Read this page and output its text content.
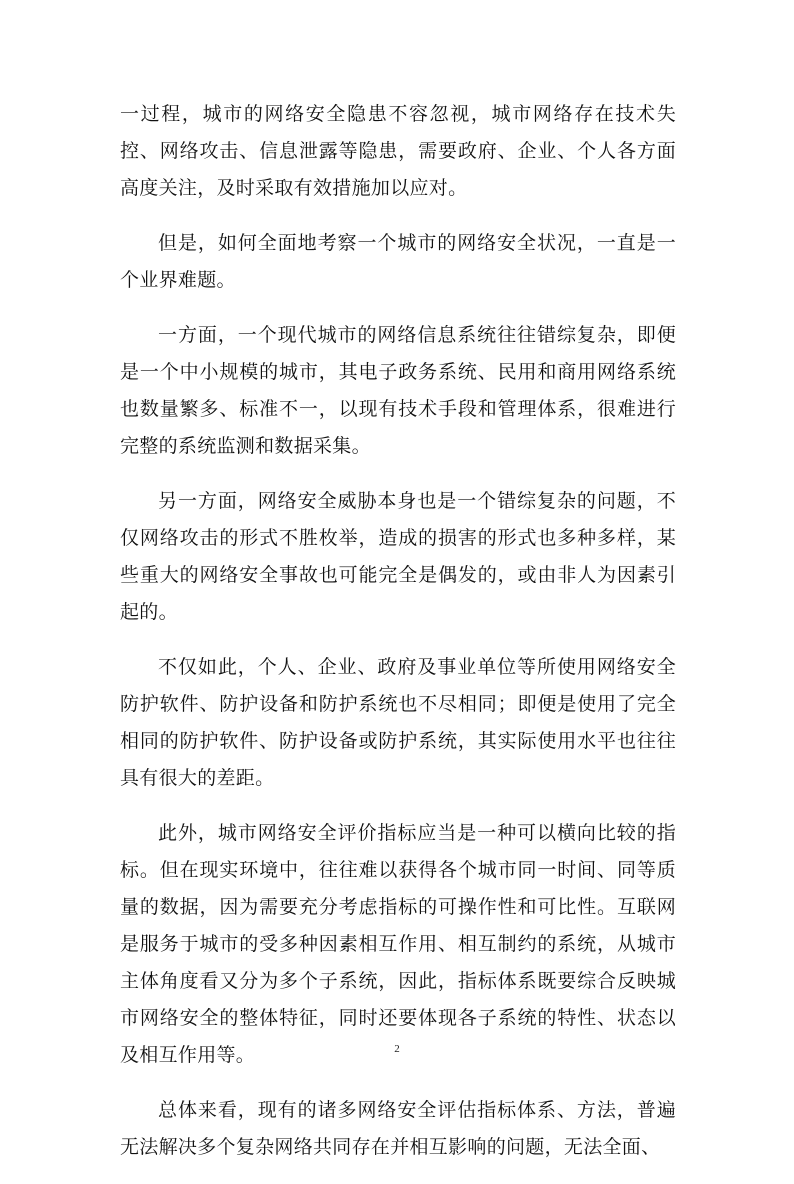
一过程，城市的网络安全隐患不容忽视，城市网络存在技术失控、网络攻击、信息泄露等隐患，需要政府、企业、个人各方面高度关注，及时采取有效措施加以应对。

但是，如何全面地考察一个城市的网络安全状况，一直是一个业界难题。

一方面，一个现代城市的网络信息系统往往错综复杂，即便是一个中小规模的城市，其电子政务系统、民用和商用网络系统也数量繁多、标准不一，以现有技术手段和管理体系，很难进行完整的系统监测和数据采集。

另一方面，网络安全威胁本身也是一个错综复杂的问题，不仅网络攻击的形式不胜枚举，造成的损害的形式也多种多样，某些重大的网络安全事故也可能完全是偶发的，或由非人为因素引起的。

不仅如此，个人、企业、政府及事业单位等所使用网络安全防护软件、防护设备和防护系统也不尽相同；即便是使用了完全相同的防护软件、防护设备或防护系统，其实际使用水平也往往具有很大的差距。

此外，城市网络安全评价指标应当是一种可以横向比较的指标。但在现实环境中，往往难以获得各个城市同一时间、同等质量的数据，因为需要充分考虑指标的可操作性和可比性。互联网是服务于城市的受多种因素相互作用、相互制约的系统，从城市主体角度看又分为多个子系统，因此，指标体系既要综合反映城市网络安全的整体特征，同时还要体现各子系统的特性、状态以及相互作用等。

总体来看，现有的诸多网络安全评估指标体系、方法，普遍无法解决多个复杂网络共同存在并相互影响的问题，无法全面、

2
